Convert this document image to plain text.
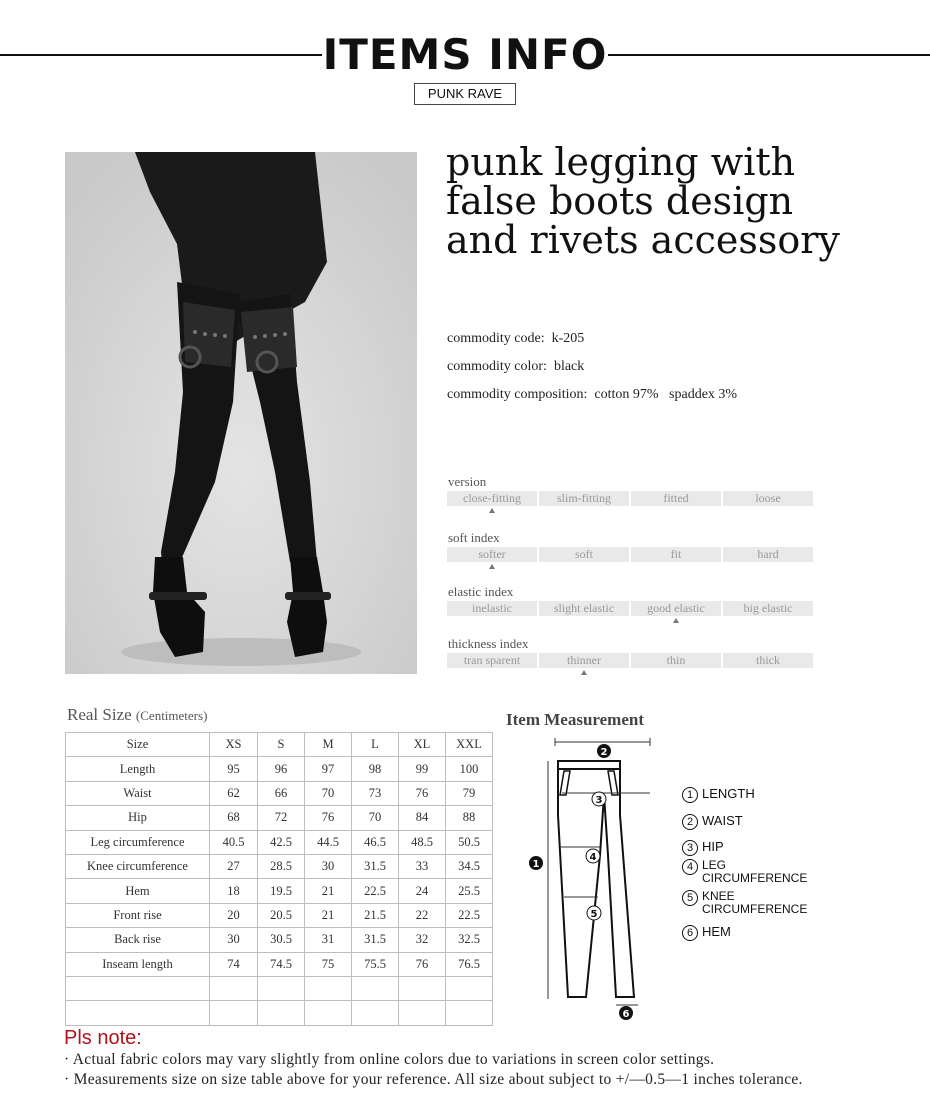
ITEMS INFO
PUNK RAVE
punk legging with
false boots design
and rivets accessory
commodity code: k-205
commodity color: black
commodity composition: cotton 97%   spaddex 3%
version
close-fitting	slim-fitting	fitted	loose
soft index
softer	soft	fit	hard
elastic index
inelastic	slight elastic	good elastic	big elastic
thickness index
tran sparent	thinner	thin	thick
Real Size (Centimeters)
Size	XS	S	M	L	XL	XXL
Length	95	96	97	98	99	100
Waist	62	66	70	73	76	79
Hip	68	72	76	70	84	88
Leg circumference	40.5	42.5	44.5	46.5	48.5	50.5
Knee circumference	27	28.5	30	31.5	33	34.5
Hem	18	19.5	21	22.5	24	25.5
Front rise	20	20.5	21	21.5	22	22.5
Back rise	30	30.5	31	31.5	32	32.5
Inseam length	74	74.5	75	75.5	76	76.5

Item Measurement
2
1
3
4
5
6
1 LENGTH
2 WAIST
3 HIP
4 LEG CIRCUMFERENCE
5 KNEE CIRCUMFERENCE
6 HEM
Pls note:
· Actual fabric colors may vary slightly from online colors due to variations in screen color settings.
· Measurements size on size table above for your reference. All size about subject to +/—0.5—1 inches tolerance.
